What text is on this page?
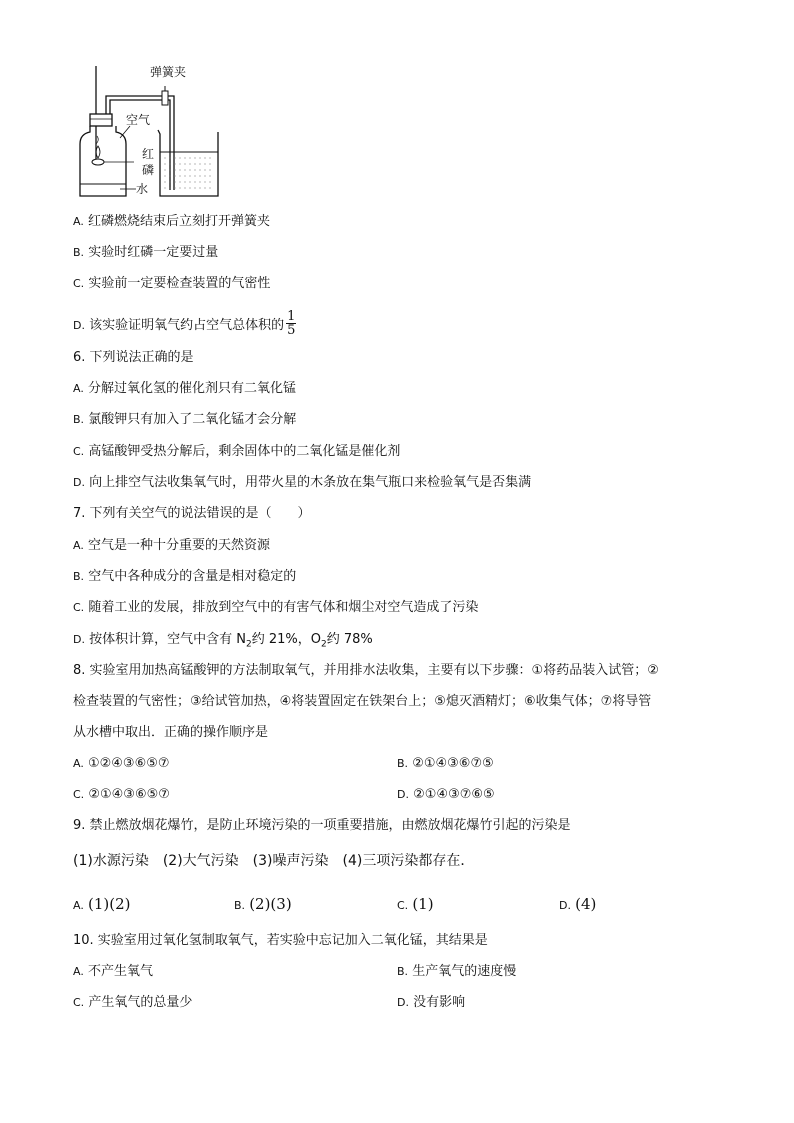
弹簧夹
空气
红
磷
水
A. 红磷燃烧结束后立刻打开弹簧夹
B. 实验时红磷一定要过量
C. 实验前一定要检查装置的气密性
D. 该实验证明氧气约占空气总体积的 $\frac{1}{5}$
6. 下列说法正确的是
A. 分解过氧化氢的催化剂只有二氧化锰
B. 氯酸钾只有加入了二氧化锰才会分解
C. 高锰酸钾受热分解后，剩余固体中的二氧化锰是催化剂
D. 向上排空气法收集氧气时，用带火星的木条放在集气瓶口来检验氧气是否集满
7. 下列有关空气的说法错误的是（　　）
A. 空气是一种十分重要的天然资源
B. 空气中各种成分的含量是相对稳定的
C. 随着工业的发展，排放到空气中的有害气体和烟尘对空气造成了污染
D. 按体积计算，空气中含有 $N_2$约 21%，$O_2$约 78%
8. 实验室用加热高锰酸钾的方法制取氧气，并用排水法收集，主要有以下步骤：①将药品装入试管；②
检查装置的气密性；③给试管加热，④将装置固定在铁架台上；⑤熄灭酒精灯；⑥收集气体；⑦将导管
从水槽中取出．正确的操作顺序是
A. ①②④③⑥⑤⑦	B. ②①④③⑥⑦⑤
C. ②①④③⑥⑤⑦	D. ②①④③⑦⑥⑤
9. 禁止燃放烟花爆竹，是防止环境污染的一项重要措施，由燃放烟花爆竹引起的污染是
(1)水源污染　(2)大气污染　(3)噪声污染　(4)三项污染都存在．
A. (1)(2)	B. (2)(3)	C. (1)	D. (4)
10. 实验室用过氧化氢制取氧气，若实验中忘记加入二氧化锰，其结果是
A. 不产生氧气	B. 生产氧气的速度慢
C. 产生氧气的总量少	D. 没有影响
